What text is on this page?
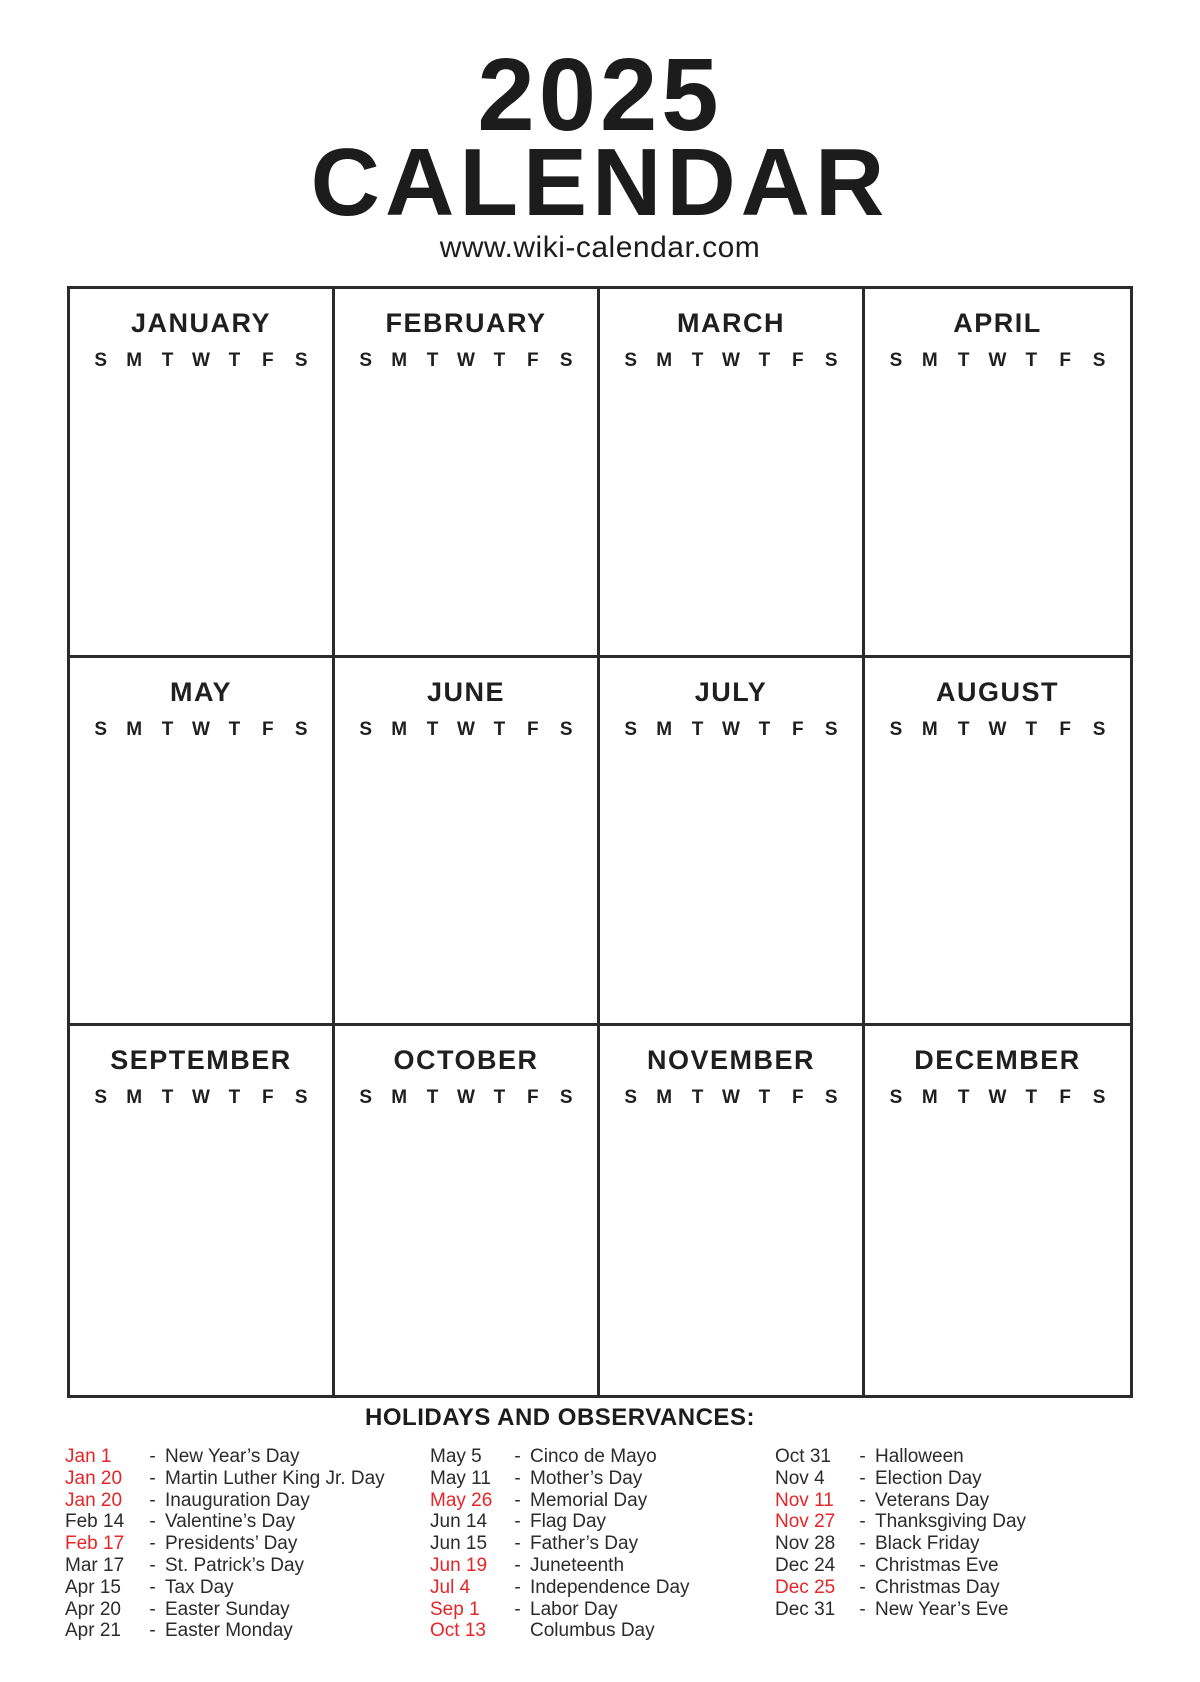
2025
CALENDAR
www.wiki-calendar.com
JANUARY
S	M	T W T	F	S
FEBRUARY
S	M	T W T	F	S
MARCH
S	M	T W T	F	S
APRIL
S	M	T	W	T	F	S
MAY
S	M	T W T	F	S
JUNE
S	M	T W T	F	S
JULY
S	M	T W T	F	S
AUGUST
S	M	T	W	T	F	S
SEPTEMBER
S	M	T W T	F	S
OCTOBER
S	M	T W T	F	S
NOVEMBER
S	M	T W T	F	S
DECEMBER
S	M	T	W	T	F	S
HOLIDAYS AND OBSERVANCES:
Jan 1	- New Year’s Day
Jan 20	- Martin Luther King Jr. Day
Jan 20	- Inauguration Day
Feb 14	- Valentine’s Day
Feb 17	- Presidents’ Day
Mar 17	- St. Patrick’s Day
Apr 15	- Tax Day
Apr 20	- Easter Sunday
Apr 21	- Easter Monday
May 5	- Cinco de Mayo
May 11	- Mother’s Day
May 26	- Memorial Day
Jun 14	- Flag Day
Jun 15	- Father’s Day
Jun 19	- Juneteenth
Jul 4	- Independence Day
Sep 1	- Labor Day
Oct 13	Columbus Day
Oct 31	- Halloween
Nov 4	- Election Day
Nov 11	- Veterans Day
Nov 27	- Thanksgiving Day
Nov 28	- Black Friday
Dec 24	- Christmas Eve
Dec 25	- Christmas Day
Dec 31	- New Year’s Eve
